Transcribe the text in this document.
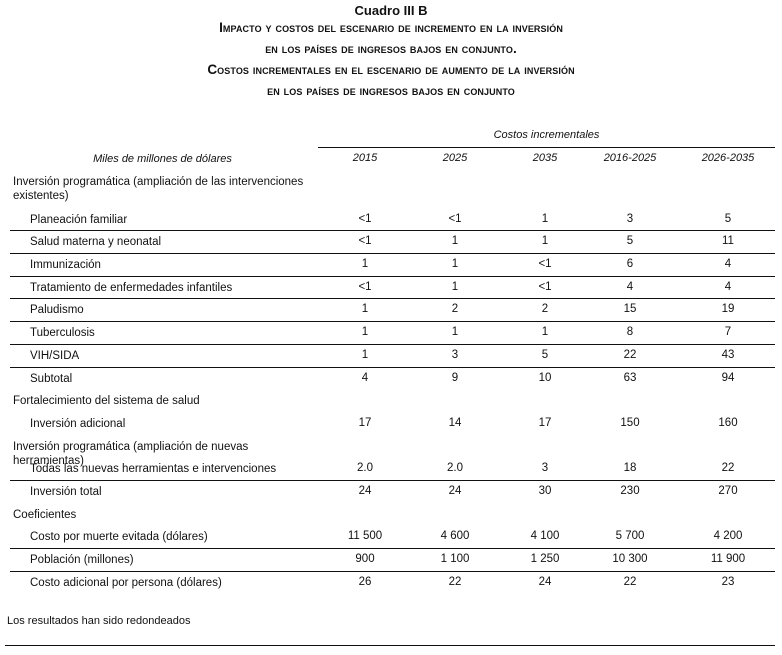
Cuadro III B
Impacto y costos del escenario de incremento en la inversión
en los países de ingresos bajos en conjunto.
Costos incrementales en el escenario de aumento de la inversión
en los países de ingresos bajos en conjunto
Costos incrementales
Miles de millones de dólares	2015	2025	2035	2016-2025	2026-2035
Inversión programática (ampliación de las intervenciones existentes)
Planeación familiar	<1	<1	1	3	5
Salud materna y neonatal	<1	1	1	5	11
Immunización	1	1	<1	6	4
Tratamiento de enfermedades infantiles	<1	1	<1	4	4
Paludismo	1	2	2	15	19
Tuberculosis	1	1	1	8	7
VIH/SIDA	1	3	5	22	43
Subtotal	4	9	10	63	94
Fortalecimiento del sistema de salud
Inversión adicional	17	14	17	150	160
Inversión programática (ampliación de nuevas herramientas)
Todas las nuevas herramientas e intervenciones	2.0	2.0	3	18	22
Inversión total	24	24	30	230	270
Coeficientes
Costo por muerte evitada (dólares)	11 500	4 600	4 100	5 700	4 200
Población (millones)	900	1 100	1 250	10 300	11 900
Costo adicional por persona (dólares)	26	22	24	22	23
Los resultados han sido redondeados
